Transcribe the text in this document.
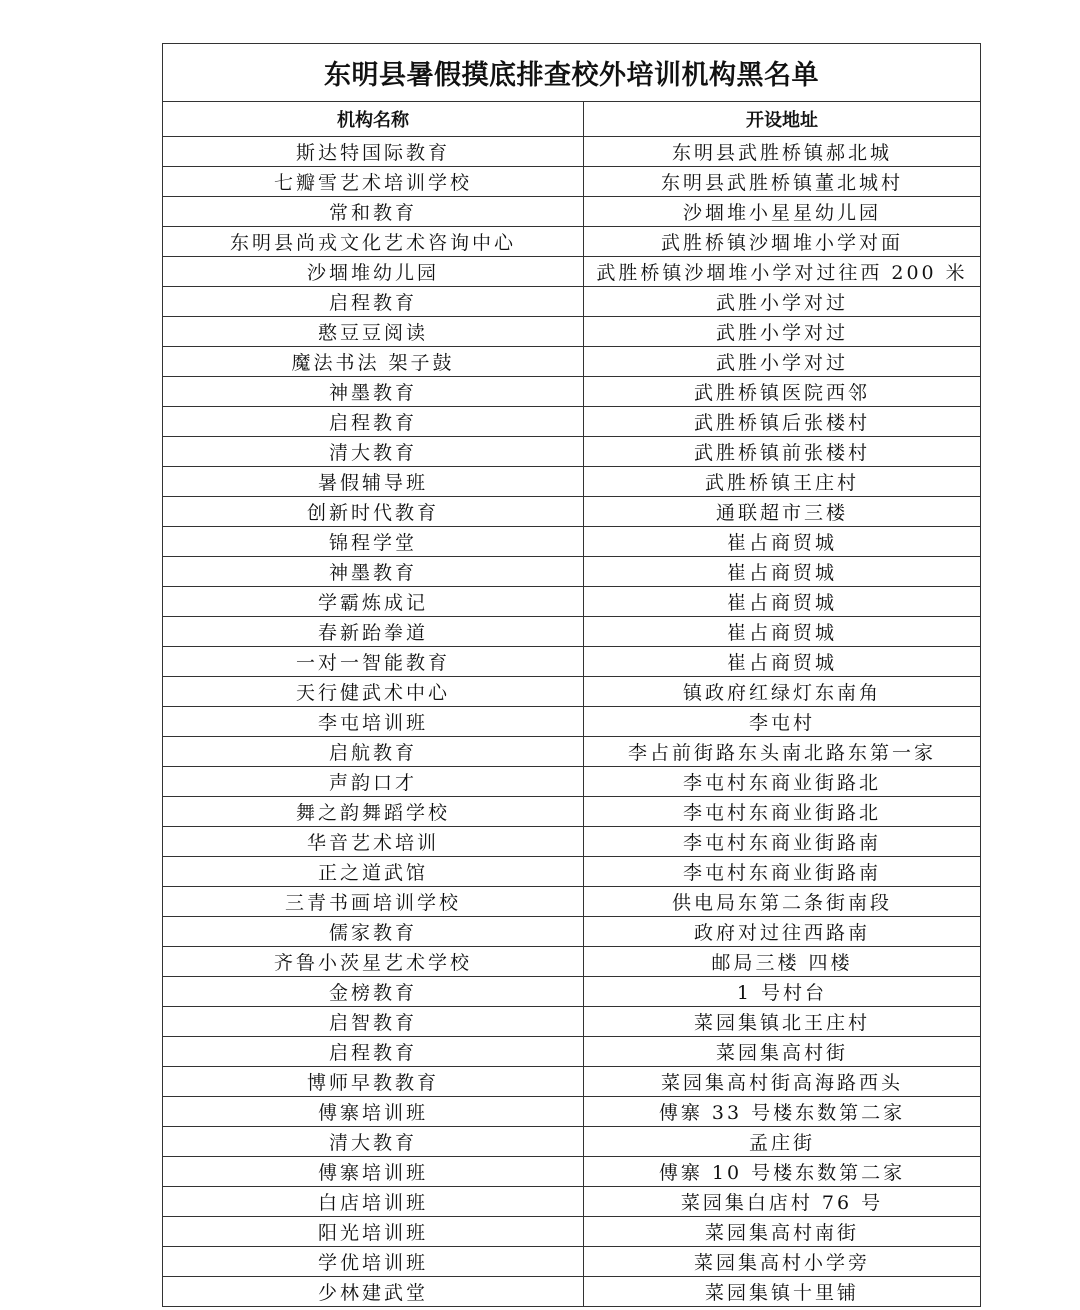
东明县暑假摸底排查校外培训机构黑名单	
机构名称	开设地址
斯达特国际教育	东明县武胜桥镇郝北城
七瓣雪艺术培训学校	东明县武胜桥镇董北城村
常和教育	沙堌堆小星星幼儿园
东明县尚戎文化艺术咨询中心	武胜桥镇沙堌堆小学对面
沙堌堆幼儿园	武胜桥镇沙堌堆小学对过往西 200 米
启程教育	武胜小学对过
憨豆豆阅读	武胜小学对过
魔法书法 架子鼓	武胜小学对过
神墨教育	武胜桥镇医院西邻
启程教育	武胜桥镇后张楼村
清大教育	武胜桥镇前张楼村
暑假辅导班	武胜桥镇王庄村
创新时代教育	通联超市三楼
锦程学堂	崔占商贸城
神墨教育	崔占商贸城
学霸炼成记	崔占商贸城
春新跆拳道	崔占商贸城
一对一智能教育	崔占商贸城
天行健武术中心	镇政府红绿灯东南角
李屯培训班	李屯村
启航教育	李占前街路东头南北路东第一家
声韵口才	李屯村东商业街路北
舞之韵舞蹈学校	李屯村东商业街路北
华音艺术培训	李屯村东商业街路南
正之道武馆	李屯村东商业街路南
三青书画培训学校	供电局东第二条街南段
儒家教育	政府对过往西路南
齐鲁小茨星艺术学校	邮局三楼 四楼
金榜教育	1 号村台
启智教育	菜园集镇北王庄村
启程教育	菜园集高村街
博师早教教育	菜园集高村街高海路西头
傅寨培训班	傅寨 33 号楼东数第二家
清大教育	孟庄街
傅寨培训班	傅寨 10 号楼东数第二家
白店培训班	菜园集白店村 76 号
阳光培训班	菜园集高村南街
学优培训班	菜园集高村小学旁
少林建武堂	菜园集镇十里铺
